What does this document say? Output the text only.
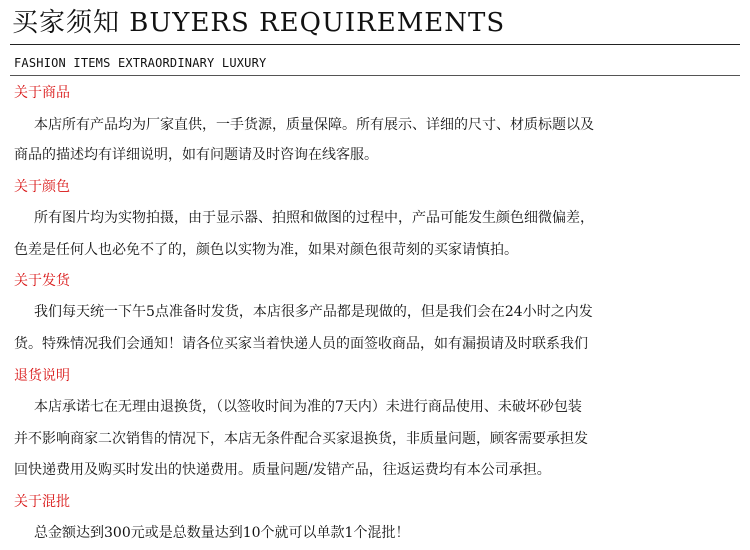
买家须知 BUYERS REQUIREMENTS
FASHION ITEMS EXTRAORDINARY LUXURY
关于商品
本店所有产品均为厂家直供，一手货源，质量保障。所有展示、详细的尺寸、材质标题以及
商品的描述均有详细说明，如有问题请及时咨询在线客服。
关于颜色
所有图片均为实物拍摄，由于显示器、拍照和做图的过程中，产品可能发生颜色细微偏差，
色差是任何人也必免不了的，颜色以实物为准，如果对颜色很苛刻的买家请慎拍。
关于发货
我们每天统一下午5点准备时发货，本店很多产品都是现做的，但是我们会在24小时之内发
货。特殊情况我们会通知！请各位买家当着快递人员的面签收商品，如有漏损请及时联系我们
退货说明
本店承诺七在无理由退换货，（以签收时间为准的7天内）未进行商品使用、未破坏砂包装
并不影响商家二次销售的情况下，本店无条件配合买家退换货，非质量问题，顾客需要承担发
回快递费用及购买时发出的快递费用。质量问题/发错产品，往返运费均有本公司承担。
关于混批
总金额达到300元或是总数量达到10个就可以单款1个混批！
